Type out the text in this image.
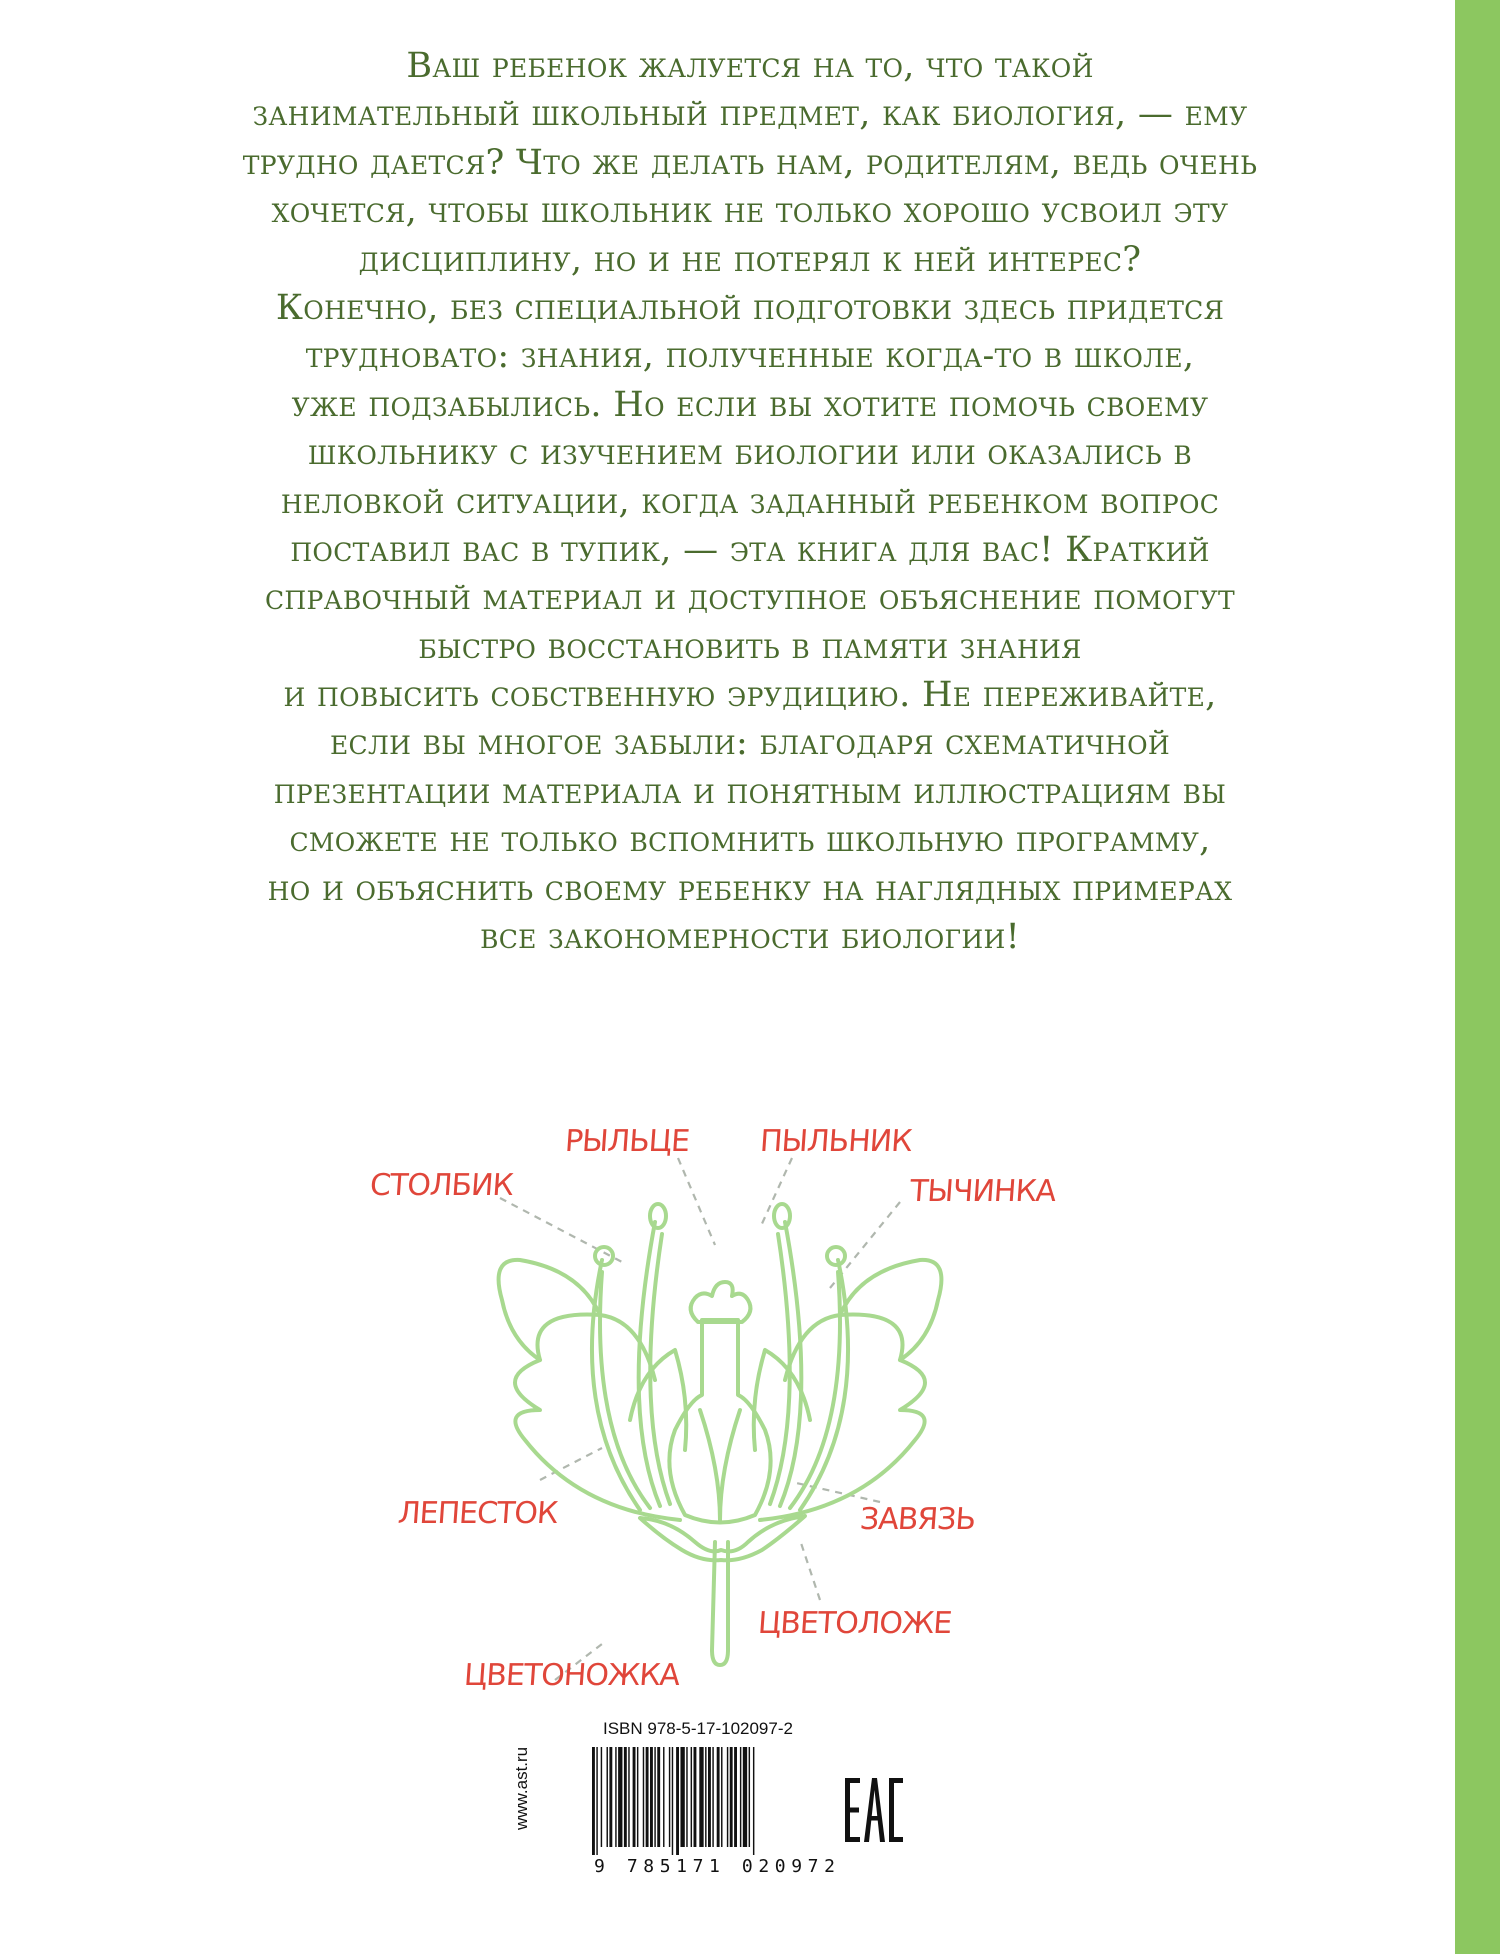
Ваш ребенок жалуется на то, что такой
занимательный школьный предмет, как биология, — ему
трудно дается? Что же делать нам, родителям, ведь очень
хочется, чтобы школьник не только хорошо усвоил эту
дисциплину, но и не потерял к ней интерес?
Конечно, без специальной подготовки здесь придется
трудновато: знания, полученные когда-то в школе,
уже подзабылись. Но если вы хотите помочь своему
школьнику с изучением биологии или оказались в
неловкой ситуации, когда заданный ребенком вопрос
поставил вас в тупик, — эта книга для вас! Краткий
справочный материал и доступное объяснение помогут
быстро восстановить в памяти знания
и повысить собственную эрудицию. Не переживайте,
если вы многое забыли: благодаря схематичной
презентации материала и понятным иллюстрациям вы
сможете не только вспомнить школьную программу,
но и объяснить своему ребенку на наглядных примерах
все закономерности биологии!
РЫЛЬЦЕ ПЫЛЬНИК
СТОЛБИК	ТЫЧИНКА
ЛЕПЕСТОК	ЗАВЯЗЬ
ЦВЕТОЛОЖЕ
ЦВЕТОНОЖКА
ISBN 978-5-17-102097-2
www.ast.ru
9 785171 020972
